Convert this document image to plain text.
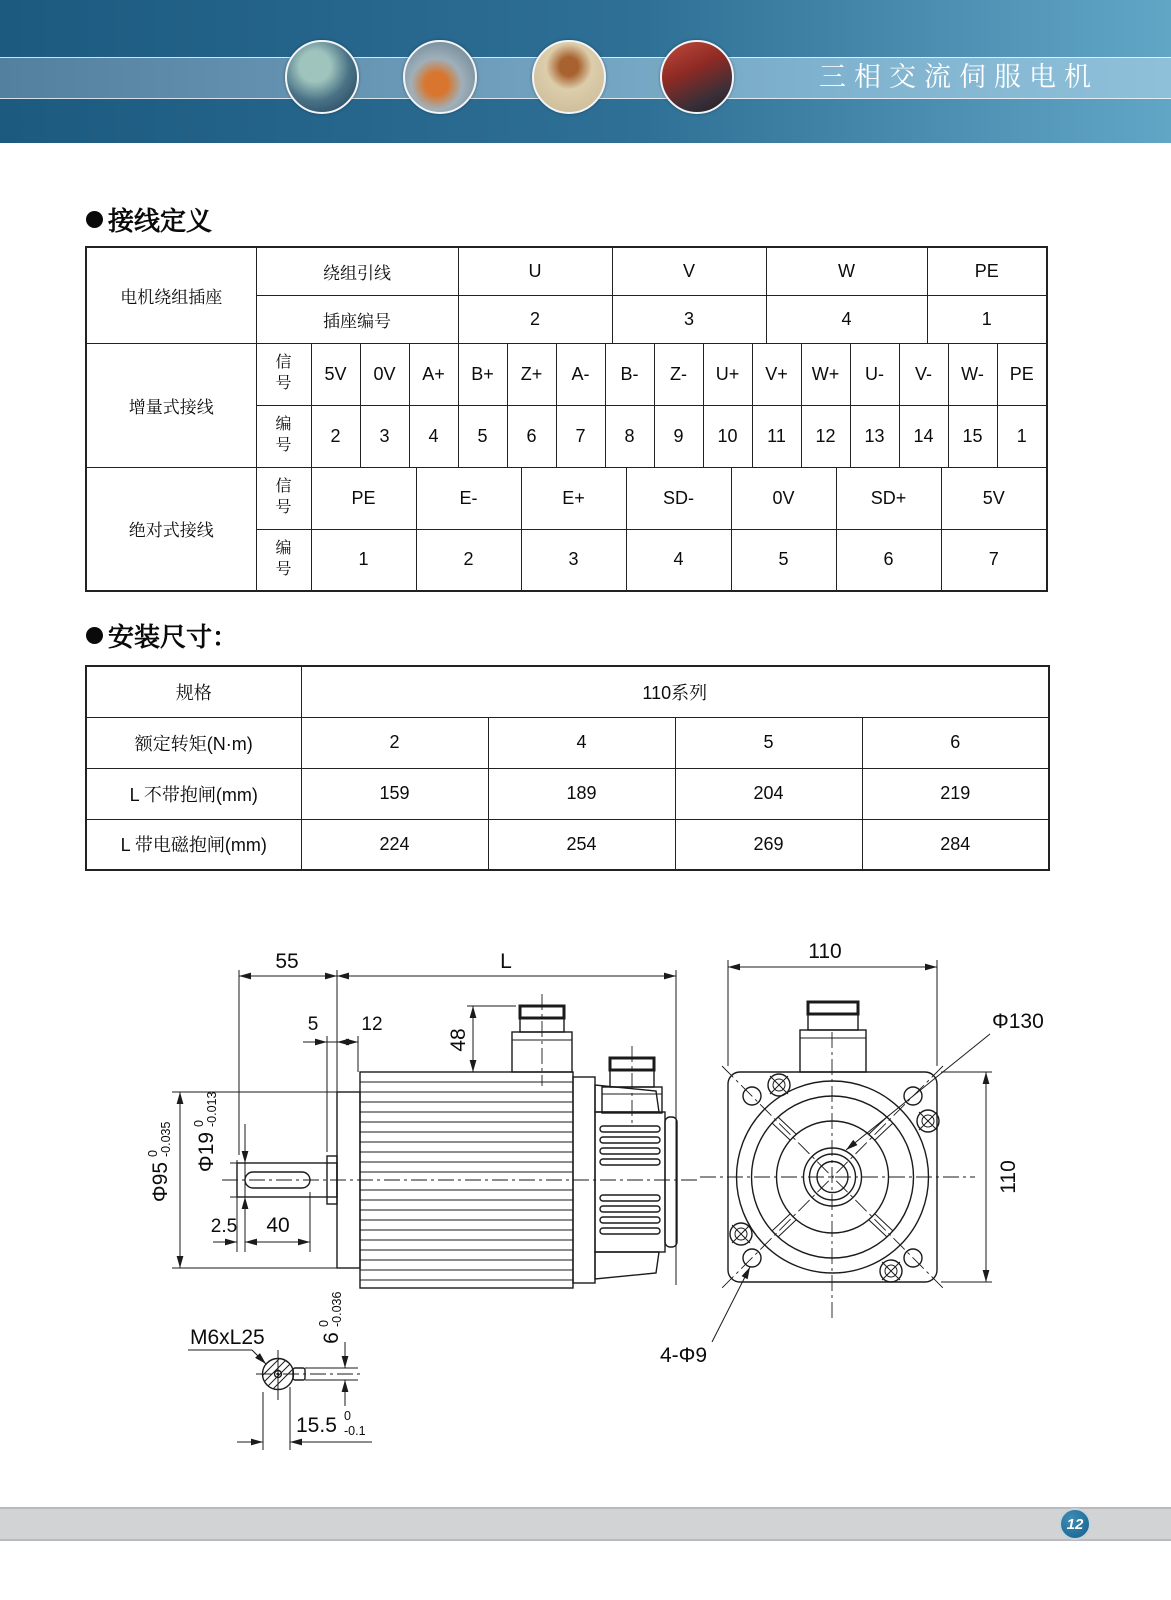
三相交流伺服电机
接线定义
电机绕组插座	绕组引线					U					V						W					PE			
	插座编号					2					3						4					1			
增量式接线	信号	5V	0V	A+		B+	Z+		A-	B-			Z-	U+		V+		W+		U-	V-			W-	PE
	编号	2	3	4		5	6		7	8			9	10		11		12		13	14			15	1
绝对式接线	信号	PE			E-			E+				SD-			0V				SD+				5V		
	编号	1			2			3				4			5				6				7		
安装尺寸：
规格	110系列			
额定转矩(N·m)	2	4	5	6
L 不带抱闸(mm)	159	189	204	219
L 带电磁抱闸(mm)	224	254	269	284
55	L
5 12
48
Φ95
0 -0.035 Φ19
0 -0.013
2.5 40
110
110
Φ130
4-Φ9
M6xL25	6
0 -0.036
15.5 0
-0.1
12
